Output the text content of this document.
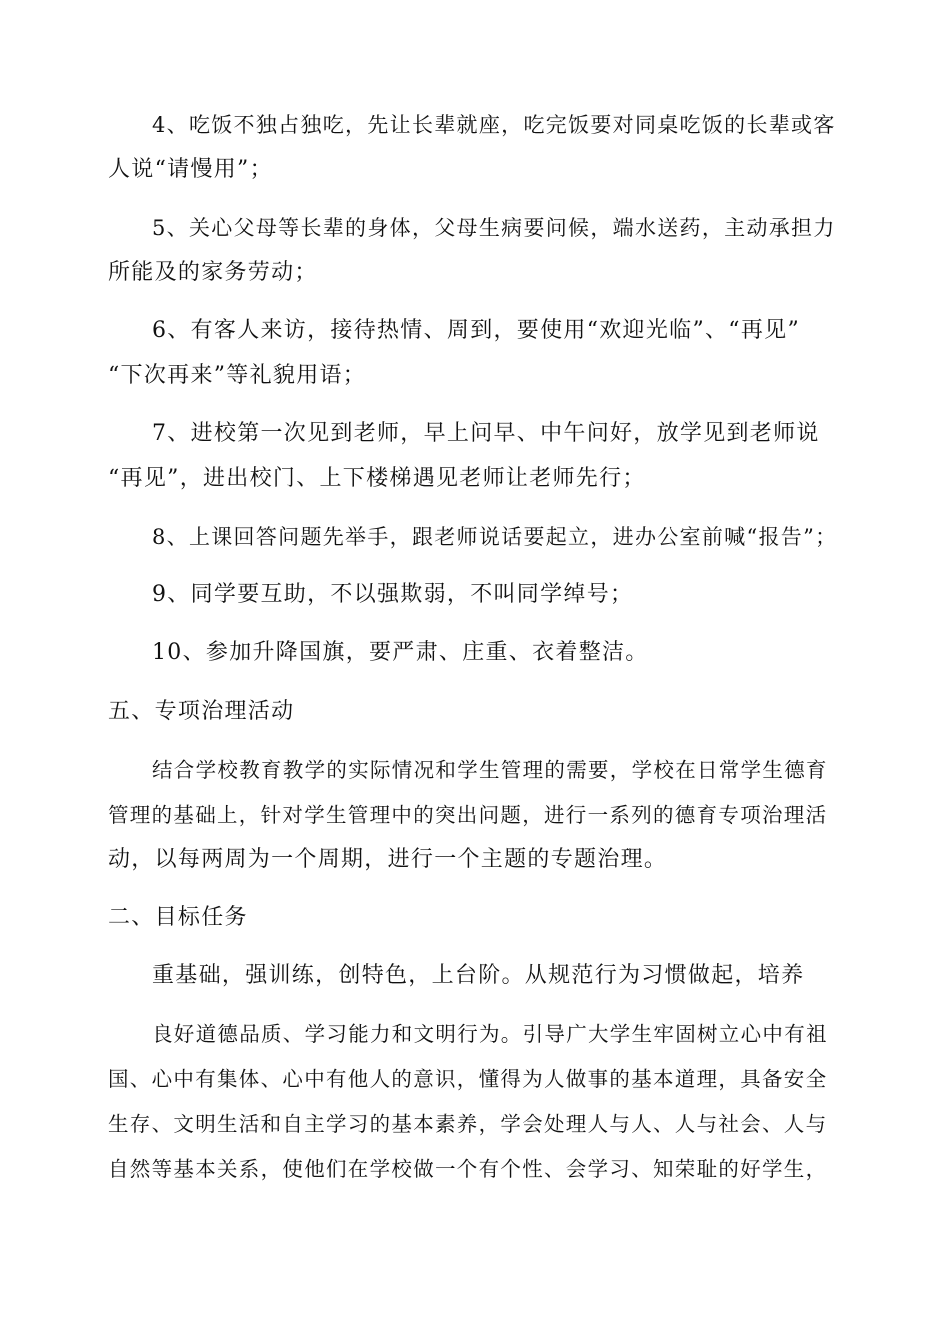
4、吃饭不独占独吃，先让长辈就座，吃完饭要对同桌吃饭的长辈或客
人说“请慢用”；
5、关心父母等长辈的身体，父母生病要问候，端水送药，主动承担力
所能及的家务劳动；
6、有客人来访，接待热情、周到，要使用“欢迎光临”、“再见”
“下次再来”等礼貌用语；
7、进校第一次见到老师，早上问早、中午问好，放学见到老师说
“再见”，进出校门、上下楼梯遇见老师让老师先行；
8、上课回答问题先举手，跟老师说话要起立，进办公室前喊“报告”；
9、同学要互助，不以强欺弱，不叫同学绰号；
10、参加升降国旗，要严肃、庄重、衣着整洁。
五、专项治理活动
结合学校教育教学的实际情况和学生管理的需要，学校在日常学生德育
管理的基础上，针对学生管理中的突出问题，进行一系列的德育专项治理活
动，以每两周为一个周期，进行一个主题的专题治理。
二、目标任务
重基础，强训练，创特色，上台阶。从规范行为习惯做起，培养
良好道德品质、学习能力和文明行为。引导广大学生牢固树立心中有祖
国、心中有集体、心中有他人的意识，懂得为人做事的基本道理，具备安全
生存、文明生活和自主学习的基本素养，学会处理人与人、人与社会、人与
自然等基本关系，使他们在学校做一个有个性、会学习、知荣耻的好学生，
